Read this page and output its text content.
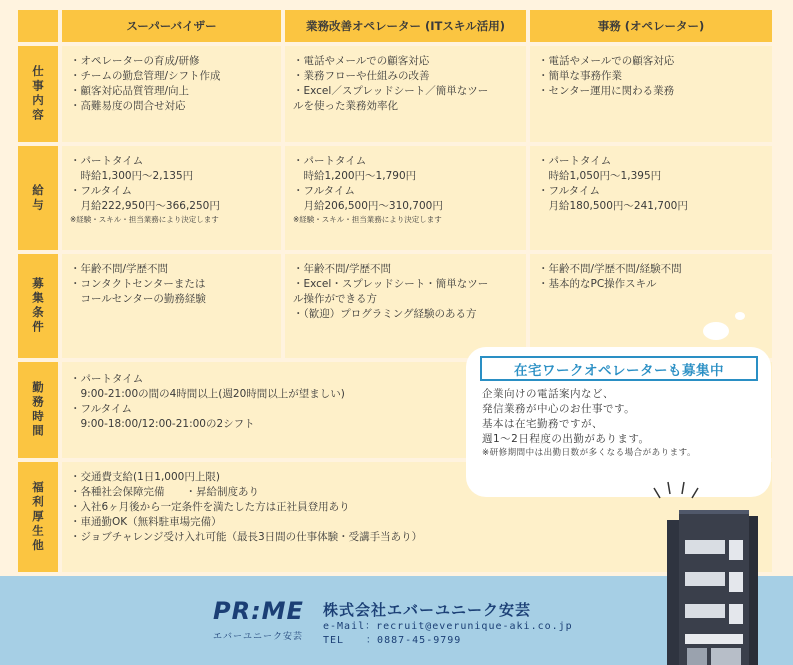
スーパーバイザー	業務改善オペレーター (ITスキル活用)	事務 (オペレーター)
仕事内容
・オペレーターの育成/研修
・チームの勤怠管理/シフト作成
・顧客対応品質管理/向上
・高難易度の問合せ対応
・電話やメールでの顧客対応
・業務フローや仕組みの改善
・Excel／スプレッドシート／簡単なツー
ルを使った業務効率化
・電話やメールでの顧客対応
・簡単な事務作業
・センター運用に関わる業務
給与
・パートタイム
　時給1,300円〜2,135円
・フルタイム
　月給222,950円〜366,250円
※経験・スキル・担当業務により決定します
・パートタイム
　時給1,200円〜1,790円
・フルタイム
　月給206,500円〜310,700円
※経験・スキル・担当業務により決定します
・パートタイム
　時給1,050円〜1,395円
・フルタイム
　月給180,500円〜241,700円
募集条件
・年齢不問/学歴不問
・コンタクトセンターまたは
　コールセンターの勤務経験
・年齢不問/学歴不問
・Excel・スプレッドシート・簡単なツー
ル操作ができる方
・（歓迎）プログラミング経験のある方
・年齢不問/学歴不問/経験不問
・基本的なPC操作スキル
勤務時間
・パートタイム
　9:00-21:00の間の4時間以上(週20時間以上が望ましい)
・フルタイム
　9:00-18:00/12:00-21:00の2シフト
福利厚生他
・交通費支給(1日1,000円上限)
・各種社会保障完備　　・昇給制度あり
・入社6ヶ月後から一定条件を満たした方は正社員登用あり
・車通勤OK（無料駐車場完備）
・ジョブチャレンジ受け入れ可能（最長3日間の仕事体験・受講手当あり）
在宅ワークオペレーターも募集中
企業向けの電話案内など、
発信業務が中心のお仕事です。
基本は在宅勤務ですが、
週1〜2日程度の出勤があります。
※研修期間中は出勤日数が多くなる場合があります。
PR:ME
エバーユニーク安芸
株式会社エバーユニーク安芸
e-Mail：recruit@everunique-aki.co.jp
TEL　　：0887-45-9799
